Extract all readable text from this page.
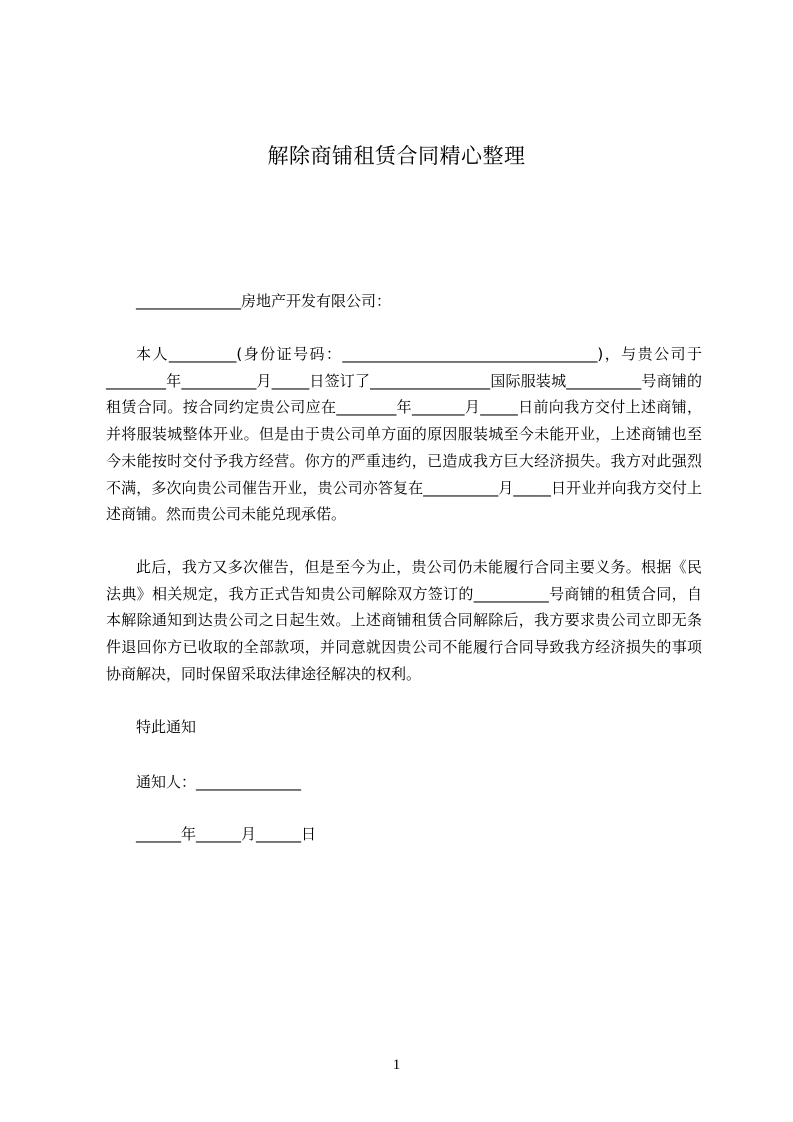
解除商铺租赁合同精心整理
______________房地产开发有限公司：
本人_________(身份证号码：__________________________________)，与贵公司于________年__________月_____日签订了________________国际服装城__________号商铺的租赁合同。按合同约定贵公司应在________年_______月_____日前向我方交付上述商铺，并将服装城整体开业。但是由于贵公司单方面的原因服装城至今未能开业，上述商铺也至今未能按时交付予我方经营。你方的严重违约，已造成我方巨大经济损失。我方对此强烈不满，多次向贵公司催告开业，贵公司亦答复在__________月_____日开业并向我方交付上述商铺。然而贵公司未能兑现承偌。
此后，我方又多次催告，但是至今为止，贵公司仍未能履行合同主要义务。根据《民法典》相关规定，我方正式告知贵公司解除双方签订的__________号商铺的租赁合同，自本解除通知到达贵公司之日起生效。上述商铺租赁合同解除后，我方要求贵公司立即无条件退回你方已收取的全部款项，并同意就因贵公司不能履行合同导致我方经济损失的事项协商解决，同时保留采取法律途径解决的权利。
特此通知
通知人：______________
______年______月______日
1
